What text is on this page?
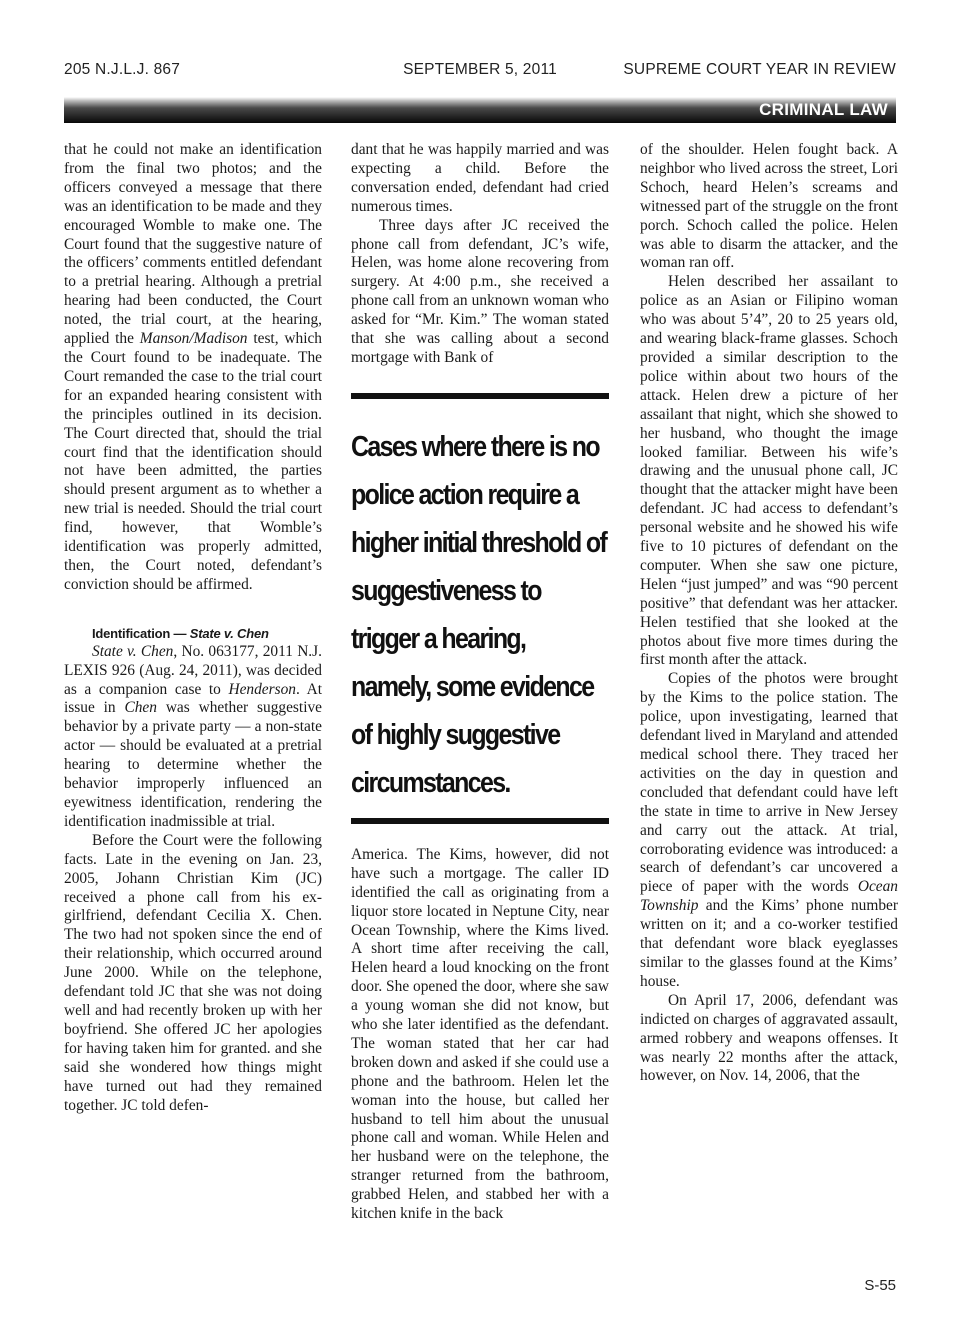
205 N.J.L.J. 867	SEPTEMBER 5, 2011	SUPREME COURT YEAR IN REVIEW
CRIMINAL LAW

that he could not make an identification from the final two photos; and the officers conveyed a message that there was an identification to be made and they encouraged Womble to make one. The Court found that the suggestive nature of the officers’ comments entitled defendant to a pretrial hearing. Although a pretrial hearing had been conducted, the Court noted, the trial court, at the hearing, applied the Manson/Madison test, which the Court found to be inadequate. The Court remanded the case to the trial court for an expanded hearing consistent with the principles outlined in its decision. The Court directed that, should the trial court find that the identification should not have been admitted, the parties should present argument as to whether a new trial is needed. Should the trial court find, however, that Womble’s identification was properly admitted, then, the Court noted, defendant’s conviction should be affirmed.

Identification — State v. Chen

State v. Chen, No. 063177, 2011 N.J. LEXIS 926 (Aug. 24, 2011), was decided as a companion case to Henderson. At issue in Chen was whether suggestive behavior by a private party — a non-state actor — should be evaluated at a pretrial hearing to determine whether the behavior improperly influenced an eyewitness identification, rendering the identification inadmissible at trial.

Before the Court were the following facts. Late in the evening on Jan. 23, 2005, Johann Christian Kim (JC) received a phone call from his ex-girlfriend, defendant Cecilia X. Chen. The two had not spoken since the end of their relationship, which occurred around June 2000. While on the telephone, defendant told JC that she was not doing well and had recently broken up with her boyfriend. She offered JC her apologies for having taken him for granted. and she said she wondered how things might have turned out had they remained together. JC told defen-

dant that he was happily married and was expecting a child. Before the conversation ended, defendant had cried numerous times.

Three days after JC received the phone call from defendant, JC’s wife, Helen, was home alone recovering from surgery. At 4:00 p.m., she received a phone call from an unknown woman who asked for “Mr. Kim.” The woman stated that she was calling about a second mortgage with Bank of

Cases where there is no police action require a higher initial threshold of suggestiveness to trigger a hearing, namely, some evidence of highly suggestive circumstances.

America. The Kims, however, did not have such a mortgage. The caller ID identified the call as originating from a liquor store located in Neptune City, near Ocean Township, where the Kims lived. A short time after receiving the call, Helen heard a loud knocking on the front door. She opened the door, where she saw a young woman she did not know, but who she later identified as the defendant. The woman stated that her car had broken down and asked if she could use a phone and the bathroom. Helen let the woman into the house, but called her husband to tell him about the unusual phone call and woman. While Helen and her husband were on the telephone, the stranger returned from the bathroom, grabbed Helen, and stabbed her with a kitchen knife in the back

of the shoulder. Helen fought back. A neighbor who lived across the street, Lori Schoch, heard Helen’s screams and witnessed part of the struggle on the front porch. Schoch called the police. Helen was able to disarm the attacker, and the woman ran off.

Helen described her assailant to police as an Asian or Filipino woman who was about 5’4”, 20 to 25 years old, and wearing black-frame glasses. Schoch provided a similar description to the police within about two hours of the attack. Helen drew a picture of her assailant that night, which she showed to her husband, who thought the image looked familiar. Between his wife’s drawing and the unusual phone call, JC thought that the attacker might have been defendant. JC had access to defendant’s personal website and he showed his wife five to 10 pictures of defendant on the computer. When she saw one picture, Helen “just jumped” and was “90 percent positive” that defendant was her attacker. Helen testified that she looked at the photos about five more times during the first month after the attack.

Copies of the photos were brought by the Kims to the police station. The police, upon investigating, learned that defendant lived in Maryland and attended medical school there. They traced her activities on the day in question and concluded that defendant could have left the state in time to arrive in New Jersey and carry out the attack. At trial, corroborating evidence was introduced: a search of defendant’s car uncovered a piece of paper with the words Ocean Township and the Kims’ phone number written on it; and a co-worker testified that defendant wore black eyeglasses similar to the glasses found at the Kims’ house.

On April 17, 2006, defendant was indicted on charges of aggravated assault, armed robbery and weapons offenses. It was nearly 22 months after the attack, however, on Nov. 14, 2006, that the

S-55
